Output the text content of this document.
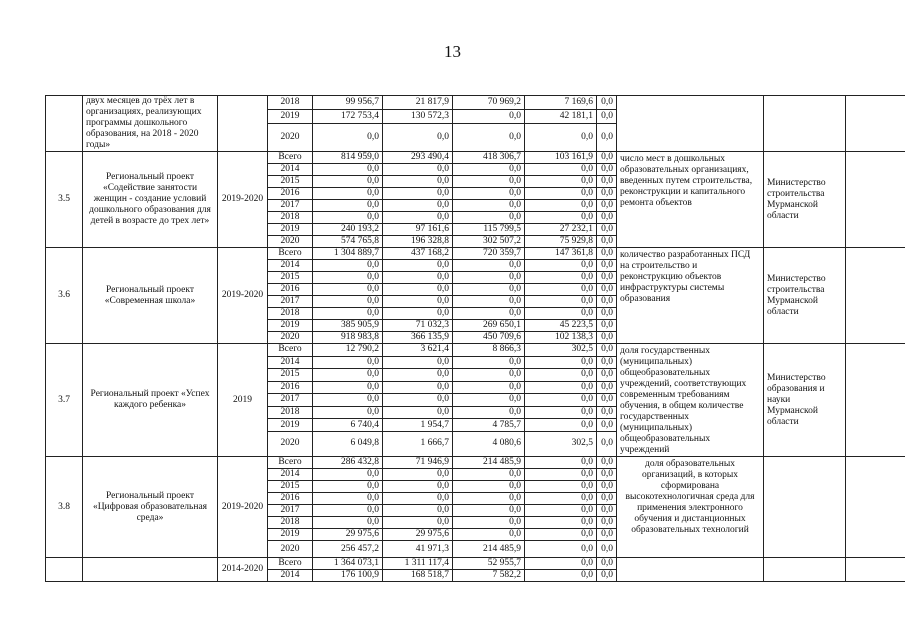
13
	двух месяцев до трёх лет в организациях, реализующих программы дошкольного образования, на 2018 - 2020 годы»		2018	99 956,7	21 817,9	70 969,2	7 169,6	0,0			
			2019	172 753,4	130 572,3	0,0	42 181,1	0,0			
			2020	0,0	0,0	0,0	0,0	0,0			
3.5	Региональный проект «Содействие занятости женщин - создание условий дошкольного образования для детей в возрасте до трех лет»	2019-2020	Всего	814 959,0	293 490,4	418 306,7	103 161,9	0,0	число мест в дошкольных образовательных организациях, введенных путем строительства, реконструкции и капитального ремонта объектов	Министерство строительства Мурманской области	
			2014	0,0	0,0	0,0	0,0	0,0			
			2015	0,0	0,0	0,0	0,0	0,0			
			2016	0,0	0,0	0,0	0,0	0,0			
			2017	0,0	0,0	0,0	0,0	0,0			
			2018	0,0	0,0	0,0	0,0	0,0			
			2019	240 193,2	97 161,6	115 799,5	27 232,1	0,0			
			2020	574 765,8	196 328,8	302 507,2	75 929,8	0,0			
3.6	Региональный проект «Современная школа»	2019-2020	Всего	1 304 889,7	437 168,2	720 359,7	147 361,8	0,0	количество разработанных ПСД на строительство и реконструкцию объектов инфраструктуры системы образования	Министерство строительства Мурманской области	
			2014	0,0	0,0	0,0	0,0	0,0			
			2015	0,0	0,0	0,0	0,0	0,0			
			2016	0,0	0,0	0,0	0,0	0,0			
			2017	0,0	0,0	0,0	0,0	0,0			
			2018	0,0	0,0	0,0	0,0	0,0			
			2019	385 905,9	71 032,3	269 650,1	45 223,5	0,0			
			2020	918 983,8	366 135,9	450 709,6	102 138,3	0,0			
3.7	Региональный проект «Успех каждого ребенка»	2019	Всего	12 790,2	3 621,4	8 866,3	302,5	0,0	доля государственных (муниципальных) общеобразовательных учреждений, соответствующих современным требованиям обучения, в общем количестве государственных (муниципальных) общеобразовательных учреждений	Министерство образования и науки Мурманской области	
			2014	0,0	0,0	0,0	0,0	0,0			
			2015	0,0	0,0	0,0	0,0	0,0			
			2016	0,0	0,0	0,0	0,0	0,0			
			2017	0,0	0,0	0,0	0,0	0,0			
			2018	0,0	0,0	0,0	0,0	0,0			
			2019	6 740,4	1 954,7	4 785,7	0,0	0,0			
			2020	6 049,8	1 666,7	4 080,6	302,5	0,0			
3.8	Региональный проект «Цифровая образовательная среда»	2019-2020	Всего	286 432,8	71 946,9	214 485,9	0,0	0,0	доля образовательных организаций, в которых сформирована высокотехнологичная среда для применения электронного обучения и дистанционных образовательных технологий		
			2014	0,0	0,0	0,0	0,0	0,0			
			2015	0,0	0,0	0,0	0,0	0,0			
			2016	0,0	0,0	0,0	0,0	0,0			
			2017	0,0	0,0	0,0	0,0	0,0			
			2018	0,0	0,0	0,0	0,0	0,0			
			2019	29 975,6	29 975,6	0,0	0,0	0,0			
			2020	256 457,2	41 971,3	214 485,9	0,0	0,0			
		2014-2020	Всего	1 364 073,1	1 311 117,4	52 955,7	0,0	0,0			
			2014	176 100,9	168 518,7	7 582,2	0,0	0,0			
